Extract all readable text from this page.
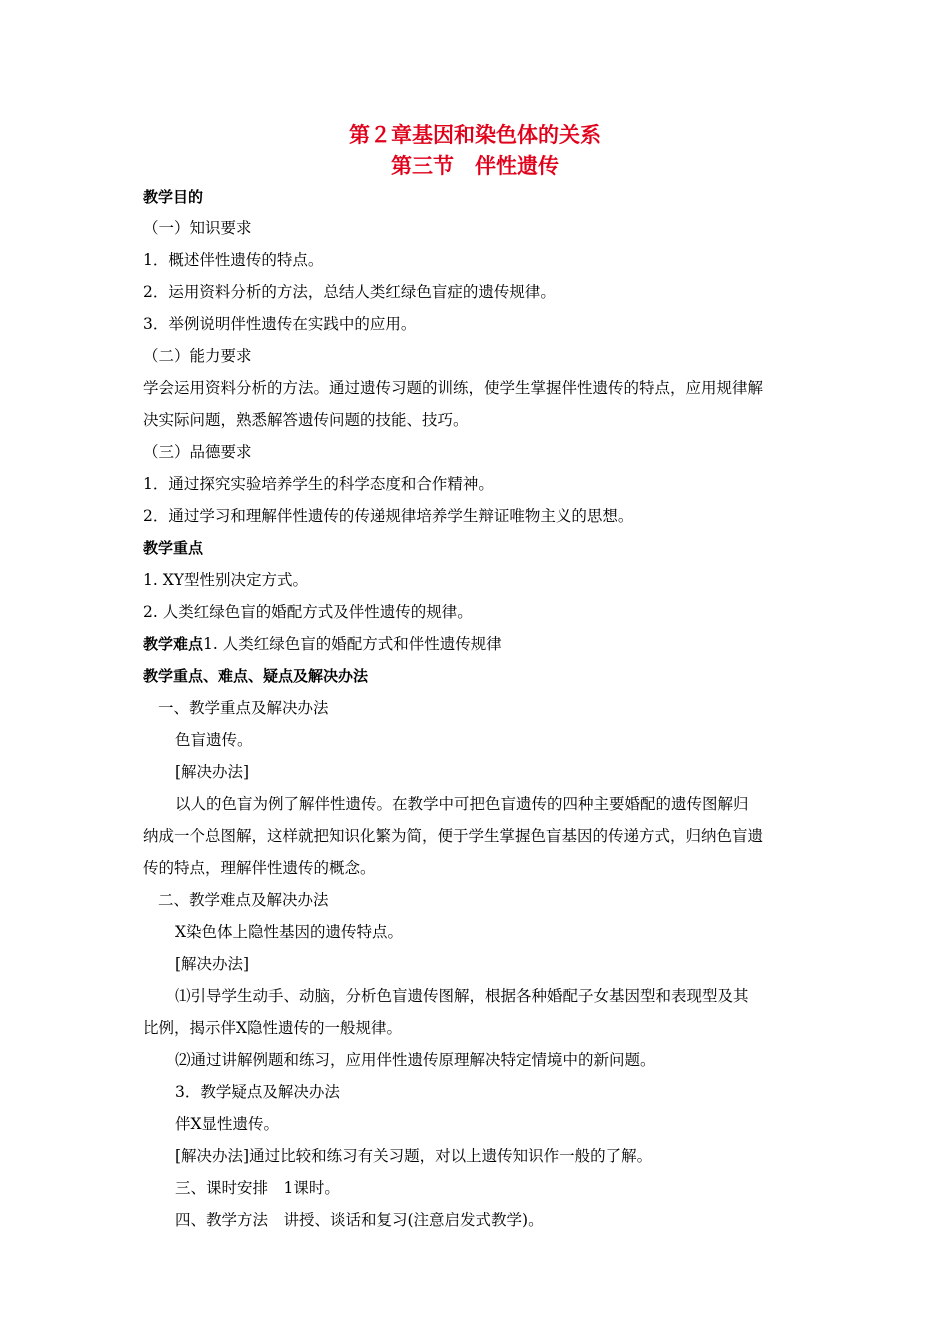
第２章基因和染色体的关系
第三节　伴性遗传
教学目的
（一）知识要求
1．概述伴性遗传的特点。
2．运用资料分析的方法，总结人类红绿色盲症的遗传规律。
3．举例说明伴性遗传在实践中的应用。
（二）能力要求
学会运用资料分析的方法。通过遗传习题的训练，使学生掌握伴性遗传的特点，应用规律解
决实际问题，熟悉解答遗传问题的技能、技巧。
（三）品德要求
1．通过探究实验培养学生的科学态度和合作精神。
2．通过学习和理解伴性遗传的传递规律培养学生辩证唯物主义的思想。
教学重点
1. XY型性别决定方式。
2. 人类红绿色盲的婚配方式及伴性遗传的规律。
教学难点1. 人类红绿色盲的婚配方式和伴性遗传规律
教学重点、难点、疑点及解决办法
一、教学重点及解决办法
色盲遗传。
[解决办法]
以人的色盲为例了解伴性遗传。在教学中可把色盲遗传的四种主要婚配的遗传图解归
纳成一个总图解，这样就把知识化繁为简，便于学生掌握色盲基因的传递方式，归纳色盲遗
传的特点，理解伴性遗传的概念。
二、教学难点及解决办法
X染色体上隐性基因的遗传特点。
[解决办法]
⑴引导学生动手、动脑，分析色盲遗传图解，根据各种婚配子女基因型和表现型及其
比例，揭示伴X隐性遗传的一般规律。
⑵通过讲解例题和练习，应用伴性遗传原理解决特定情境中的新问题。
3．教学疑点及解决办法
伴X显性遗传。
[解决办法]通过比较和练习有关习题，对以上遗传知识作一般的了解。
三、课时安排　1课时。
四、教学方法　讲授、谈话和复习(注意启发式教学)。
